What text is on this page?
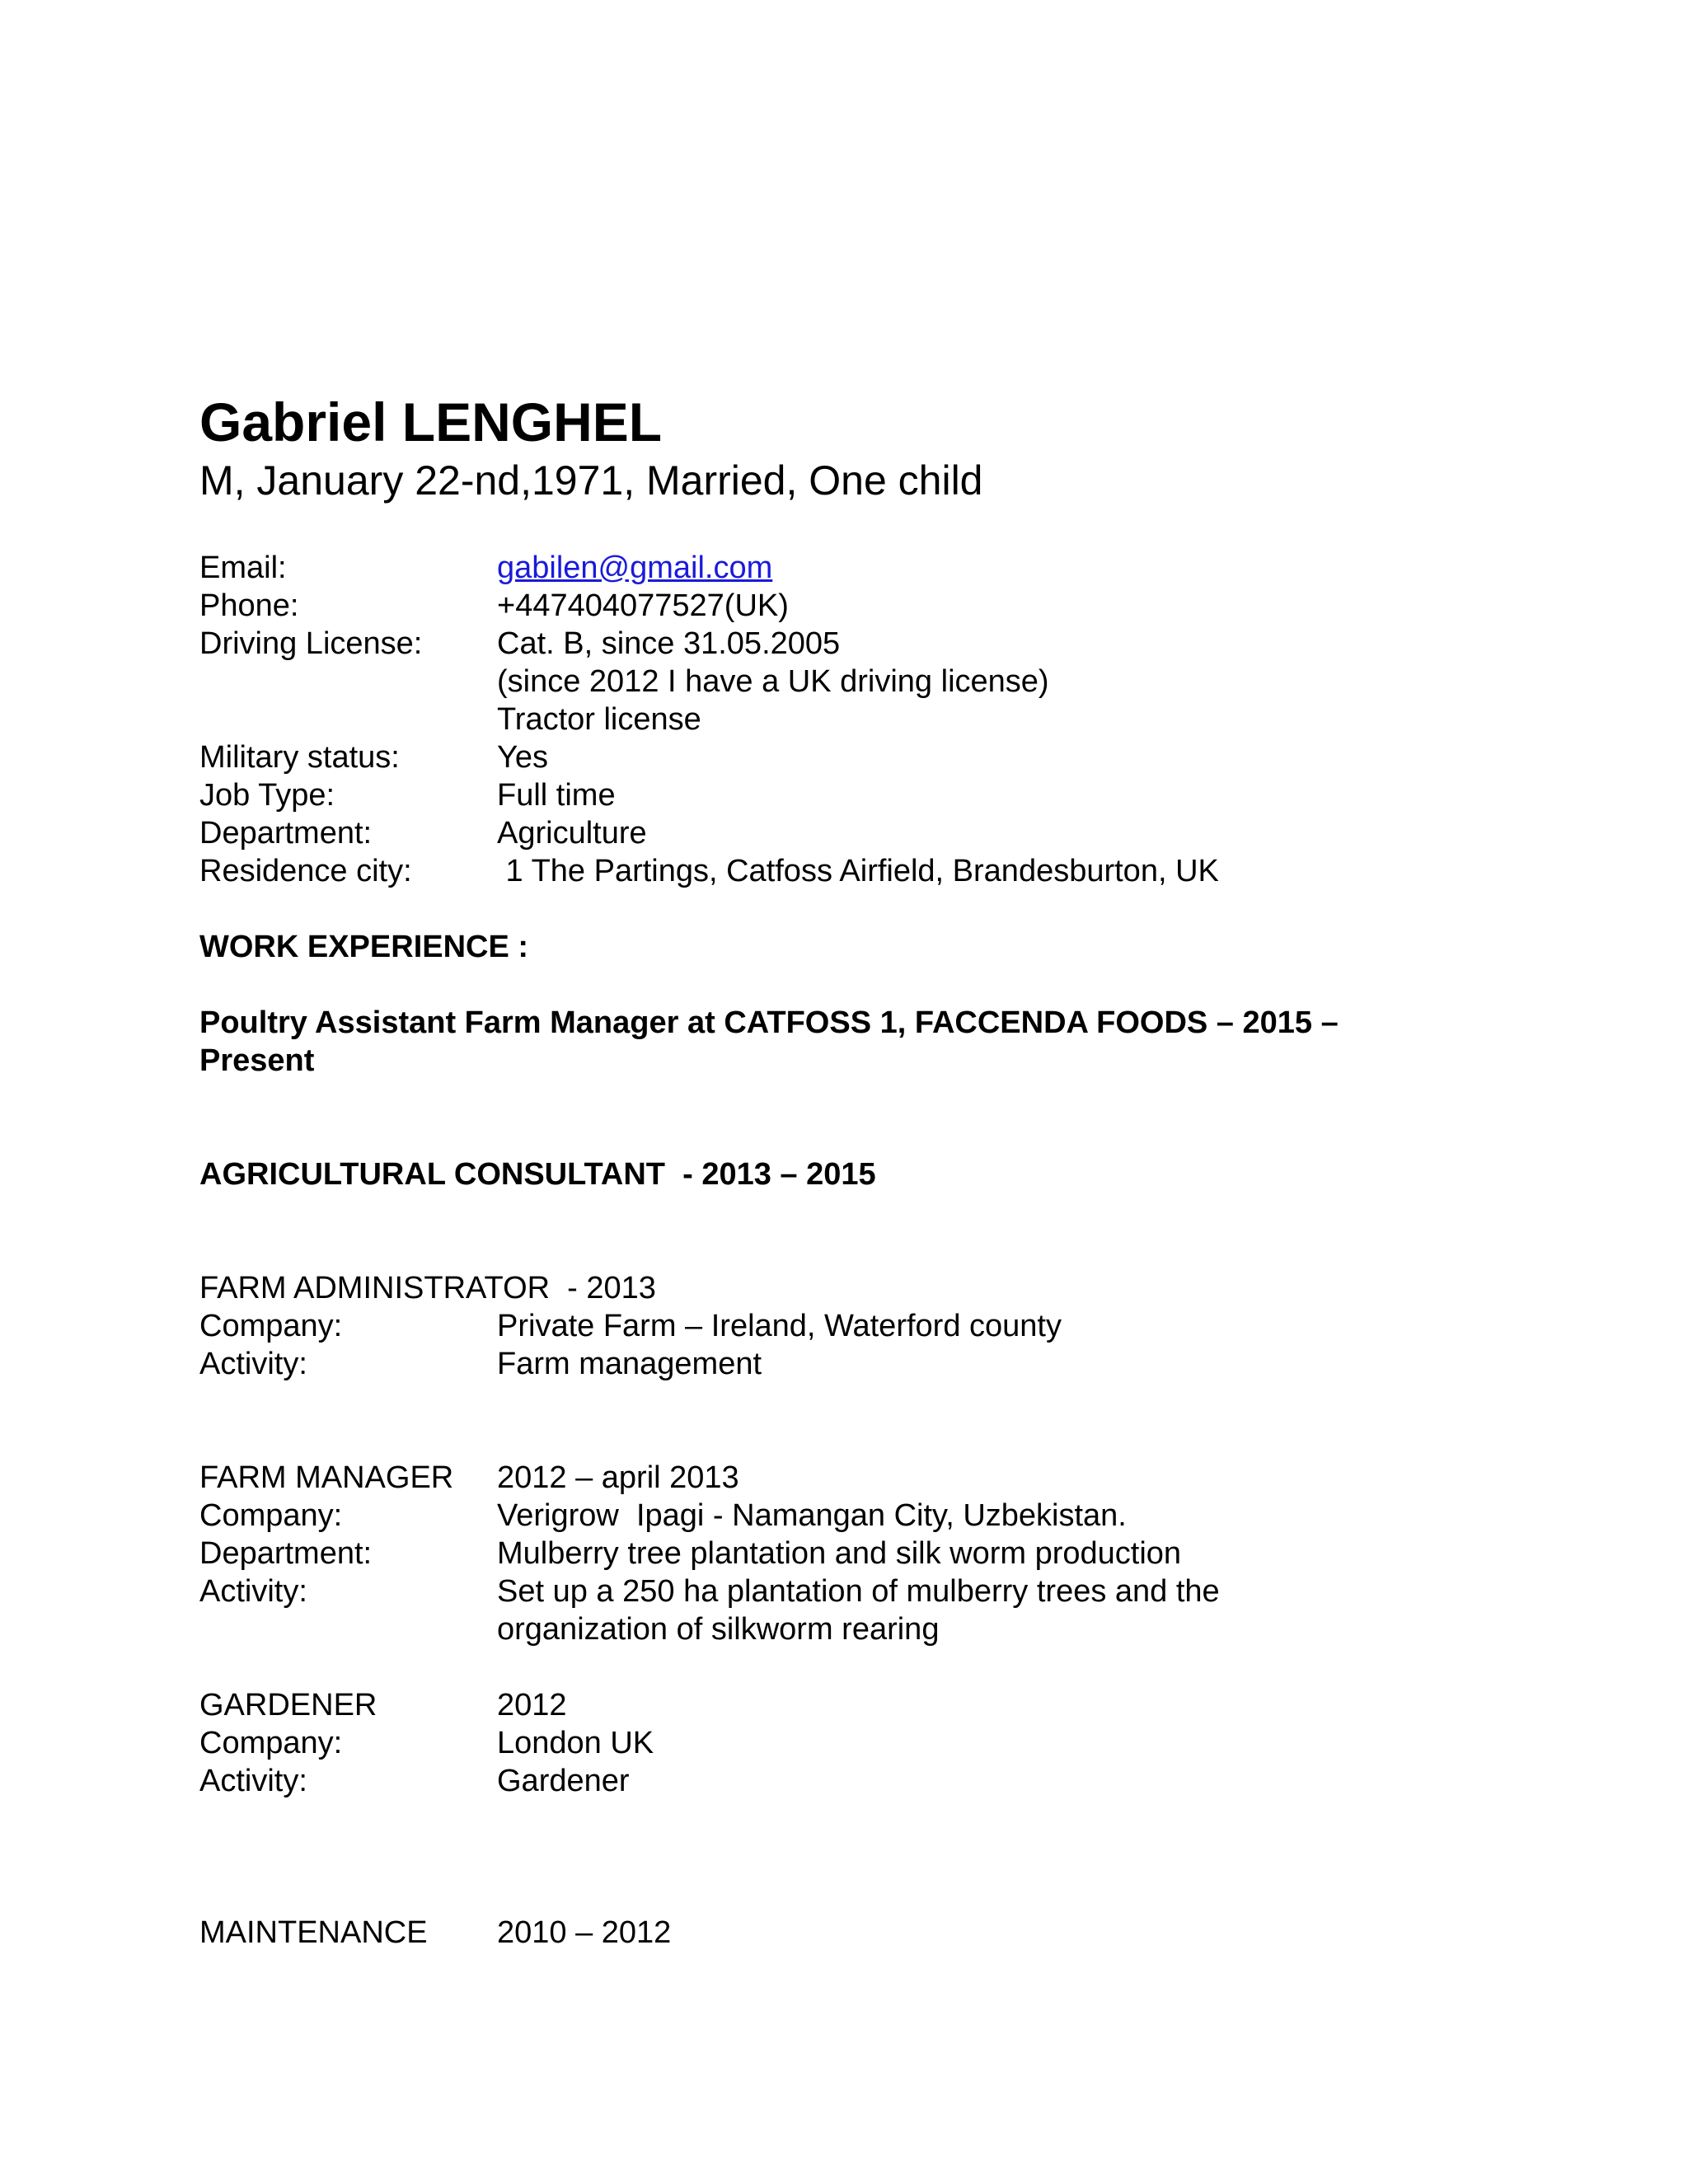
Gabriel LENGHEL

M, January 22-nd,1971, Married, One child

Email:	gabilen@gmail.com
Phone:	+447404077527(UK)
Driving License:	Cat. B, since 31.05.2005
(since 2012 I have a UK driving license)
Tractor license
Military status:	Yes
Job Type:	Full time
Department:	Agriculture
Residence city:	1 The Partings, Catfoss Airfield, Brandesburton, UK
WORK EXPERIENCE :
Poultry Assistant Farm Manager at CATFOSS 1, FACCENDA FOODS – 2015 – Present
AGRICULTURAL CONSULTANT  - 2013 – 2015
FARM ADMINISTRATOR  - 2013
Company:	Private Farm – Ireland, Waterford county
Activity:	Farm management
FARM MANAGER	2012 – april 2013
Company:	Verigrow  Ipagi - Namangan City, Uzbekistan.
Department:	Mulberry tree plantation and silk worm production
Activity:	Set up a 250 ha plantation of mulberry trees and the organization of silkworm rearing
GARDENER	2012
Company:	London UK
Activity:	Gardener
MAINTENANCE	2010 – 2012
